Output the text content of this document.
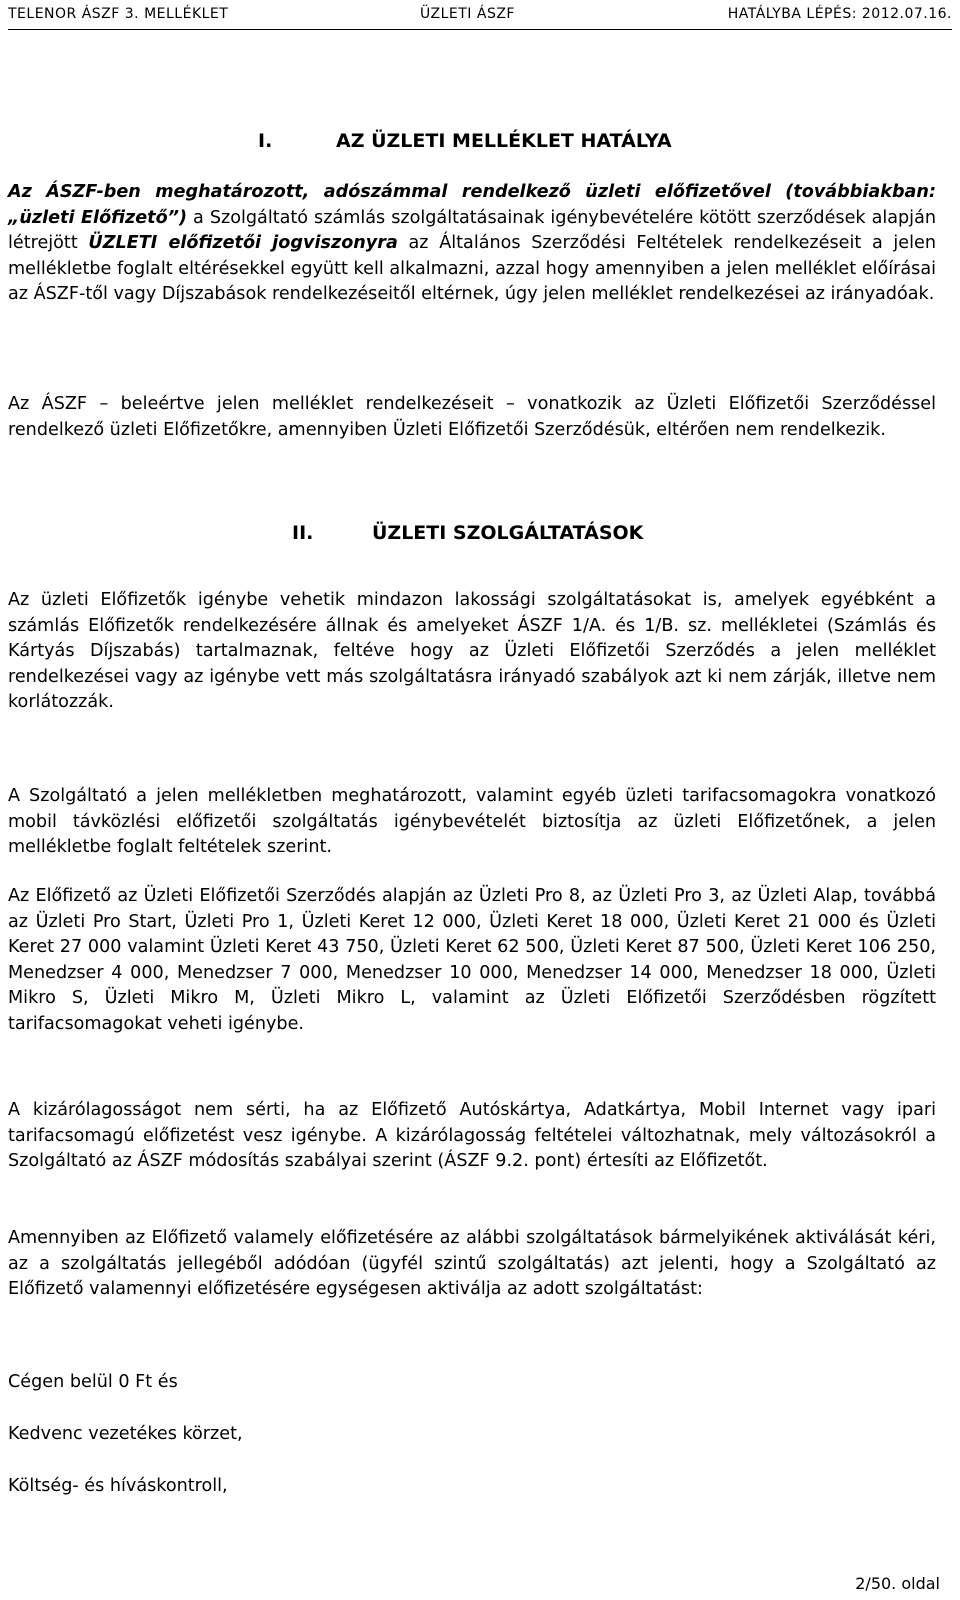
TELENOR ÁSZF 3. MELLÉKLET	ÜZLETI ÁSZF	HATÁLYBA LÉPÉS: 2012.07.16.
I.	AZ ÜZLETI MELLÉKLET HATÁLYA
Az ÁSZF-ben meghatározott, adószámmal rendelkező üzleti előfizetővel (továbbiakban: „üzleti Előfizető”) a Szolgáltató számlás szolgáltatásainak igénybevételére kötött szerződések alapján létrejött ÜZLETI előfizetői jogviszonyra az Általános Szerződési Feltételek rendelkezéseit a jelen mellékletbe foglalt eltérésekkel együtt kell alkalmazni, azzal hogy amennyiben a jelen melléklet előírásai az ÁSZF-től vagy Díjszabások rendelkezéseitől eltérnek, úgy jelen melléklet rendelkezései az irányadóak.
Az ÁSZF – beleértve jelen melléklet rendelkezéseit – vonatkozik az Üzleti Előfizetői Szerződéssel rendelkező üzleti Előfizetőkre, amennyiben Üzleti Előfizetői Szerződésük, eltérően nem rendelkezik.
II.	ÜZLETI SZOLGÁLTATÁSOK
Az üzleti Előfizetők igénybe vehetik mindazon lakossági szolgáltatásokat is, amelyek egyébként a számlás Előfizetők rendelkezésére állnak és amelyeket ÁSZF 1/A. és 1/B. sz. mellékletei (Számlás és Kártyás Díjszabás) tartalmaznak, feltéve hogy az Üzleti Előfizetői Szerződés a jelen melléklet rendelkezései vagy az igénybe vett más szolgáltatásra irányadó szabályok azt ki nem zárják, illetve nem korlátozzák.
A Szolgáltató a jelen mellékletben meghatározott, valamint egyéb üzleti tarifacsomagokra vonatkozó mobil távközlési előfizetői szolgáltatás igénybevételét biztosítja az üzleti Előfizetőnek, a jelen mellékletbe foglalt feltételek szerint.
Az Előfizető az Üzleti Előfizetői Szerződés alapján az Üzleti Pro 8, az Üzleti Pro 3, az Üzleti Alap, továbbá az Üzleti Pro Start, Üzleti Pro 1, Üzleti Keret 12 000, Üzleti Keret 18 000, Üzleti Keret 21 000 és Üzleti Keret 27 000 valamint Üzleti Keret 43 750, Üzleti Keret 62 500, Üzleti Keret 87 500, Üzleti Keret 106 250, Menedzser 4 000, Menedzser 7 000, Menedzser 10 000, Menedzser 14 000, Menedzser 18 000, Üzleti Mikro S, Üzleti Mikro M, Üzleti Mikro L, valamint az Üzleti Előfizetői Szerződésben rögzített tarifacsomagokat veheti igénybe.
A kizárólagosságot nem sérti, ha az Előfizető Autóskártya, Adatkártya, Mobil Internet vagy ipari tarifacsomagú előfizetést vesz igénybe. A kizárólagosság feltételei változhatnak, mely változásokról a Szolgáltató az ÁSZF módosítás szabályai szerint (ÁSZF 9.2. pont) értesíti az Előfizetőt.
Amennyiben az Előfizető valamely előfizetésére az alábbi szolgáltatások bármelyikének aktiválását kéri, az a szolgáltatás jellegéből adódóan (ügyfél szintű szolgáltatás) azt jelenti, hogy a Szolgáltató az Előfizető valamennyi előfizetésére egységesen aktiválja az adott szolgáltatást:
Cégen belül 0 Ft és
Kedvenc vezetékes körzet,
Költség- és híváskontroll,
2/50. oldal
